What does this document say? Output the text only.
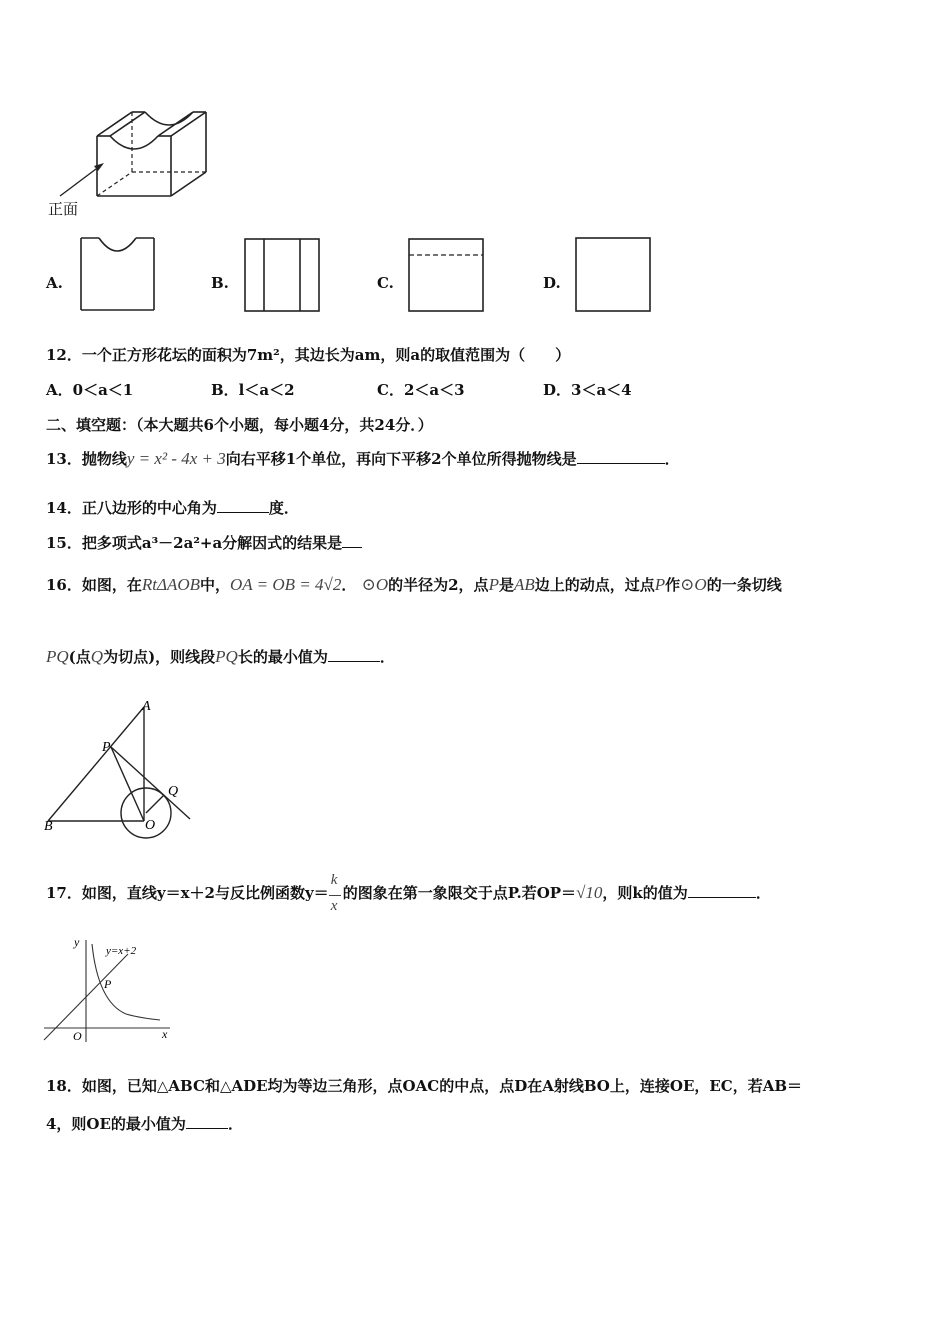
正面
A.	B.	C.	D.
12．一个正方形花坛的面积为7m²，其边长为am，则a的取值范围为（　　）
A．0＜a＜1	B．l＜a＜2	C．2＜a＜3	D．3＜a＜4
二、填空题：（本大题共6个小题，每小题4分，共24分．）
13．抛物线y = x² - 4x + 3向右平移1个单位，再向下平移2个单位所得抛物线是	．
14．正八边形的中心角为	度．
15．把多项式a³－2a²+a分解因式的结果是
16．如图，在RtΔAOB中，OA = OB = 4√2． ⊙O的半径为2，点P是AB边上的动点，过点P作⊙O的一条切线
PQ(点Q为切点)，则线段PQ长的最小值为	．
A
P
Q
B	O
17．如图，直线y＝x＋2与反比例函数y＝
$\frac{k}{x}$
的图象在第一象限交于点P.若OP＝√10，则k的值为	．
y
y=x+2
P
O	x
18．如图，已知△ABC和△ADE均为等边三角形，点OAC的中点，点D在A射线BO上，连接OE，EC，若AB＝
4，则OE的最小值为	．
